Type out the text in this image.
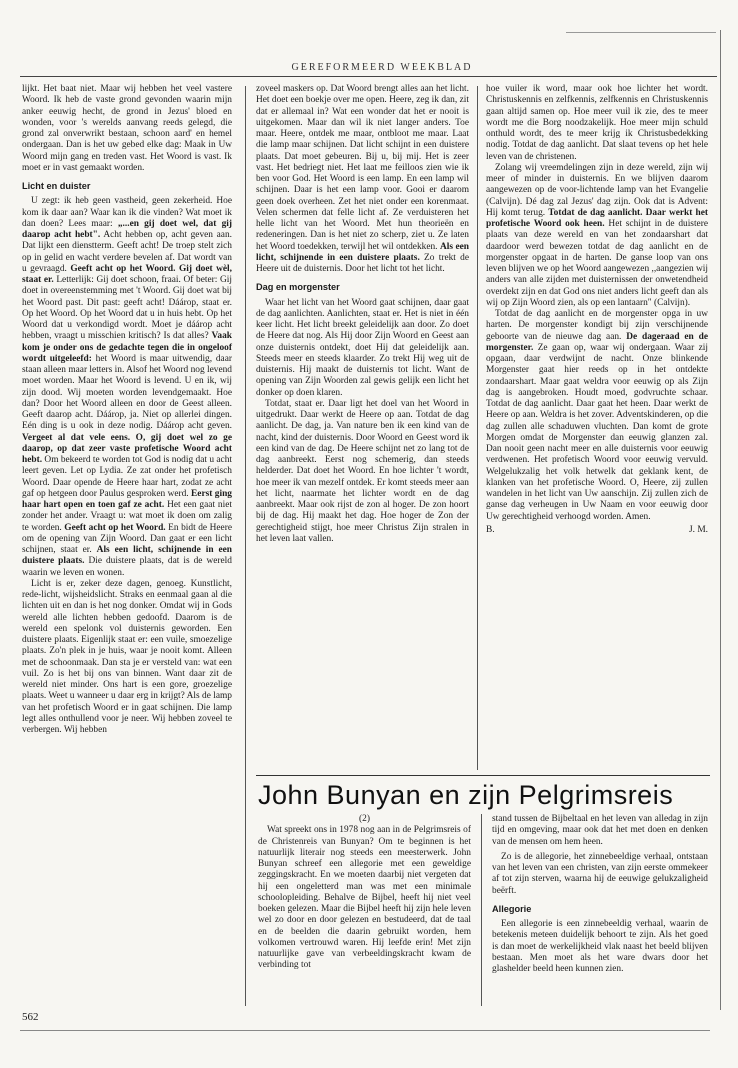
GEREFORMEERD WEEKBLAD

lijkt. Het baat niet. Maar wij hebben het veel vastere Woord. Ik heb de vaste grond gevonden waarin mijn anker eeuwig hecht, de grond in Jezus' bloed en wonden, voor 's werelds aanvang reeds gelegd, die grond zal onverwrikt bestaan, schoon aard' en hemel ondergaan. Dan is het uw gebed elke dag: Maak in Uw Woord mijn gang en treden vast. Het Woord is vast. Ik moet er in vast gemaakt worden.

Licht en duister

U zegt: ik heb geen vastheid, geen zekerheid. Hoe kom ik daar aan? Waar kan ik die vinden? Wat moet ik dan doen? Lees maar: „...en gij doet wel, dat gij daarop acht hebt". Acht hebben op, acht geven aan. Dat lijkt een dienstterm. Geeft acht! De troep stelt zich op in gelid en wacht verdere bevelen af. Dat wordt van u gevraagd. Geeft acht op het Woord. Gij doet wèl, staat er. Letterlijk: Gij doet schoon, fraai. Of beter: Gij doet in overeenstemming met 't Woord. Gij doet wat bij het Woord past. Dit past: geeft acht! Dáárop, staat er. Op het Woord. Op het Woord dat u in huis hebt. Op het Woord dat u verkondigd wordt. Moet je dáárop acht hebben, vraagt u misschien kritisch? Is dat alles? Vaak kom je onder ons de gedachte tegen die in ongeloof wordt uitgeleefd: het Woord is maar uitwendig, daar staan alleen maar letters in. Alsof het Woord nog levend moet worden. Maar het Woord is levend. U en ik, wij zijn dood. Wij moeten worden levendgemaakt. Hoe dan? Door het Woord alleen en door de Geest alleen. Geeft daarop acht. Dáárop, ja. Niet op allerlei dingen. Eén ding is u ook in deze nodig. Dáárop acht geven. Vergeet al dat vele eens. O, gij doet wel zo ge daarop, op dat zeer vaste profetische Woord acht hebt. Om bekeerd te worden tot God is nodig dat u acht leert geven. Let op Lydia. Ze zat onder het profetisch Woord. Daar opende de Heere haar hart, zodat ze acht gaf op hetgeen door Paulus gesproken werd. Eerst ging haar hart open en toen gaf ze acht. Het een gaat niet zonder het ander. Vraagt u: wat moet ik doen om zalig te worden. Geeft acht op het Woord. En bidt de Heere om de opening van Zijn Woord. Dan gaat er een licht schijnen, staat er. Als een licht, schijnende in een duistere plaats. Die duistere plaats, dat is de wereld waarin we leven en wonen.

Licht is er, zeker deze dagen, genoeg. Kunstlicht, rede-licht, wijsheidslicht. Straks en eenmaal gaan al die lichten uit en dan is het nog donker. Omdat wij in Gods wereld alle lichten hebben gedoofd. Daarom is de wereld een spelonk vol duisternis geworden. Een duistere plaats. Eigenlijk staat er: een vuile, smoezelige plaats. Zo'n plek in je huis, waar je nooit komt. Alleen met de schoonmaak. Dan sta je er versteld van: wat een vuil. Zo is het bij ons van binnen. Want daar zit de wereld niet minder. Ons hart is een gore, groezelige plaats. Weet u wanneer u daar erg in krijgt? Als de lamp van het profetisch Woord er in gaat schijnen. Die lamp legt alles onthullend voor je neer. Wij hebben zoveel te verbergen. Wij hebben

zoveel maskers op. Dat Woord brengt alles aan het licht. Het doet een boekje over me open. Heere, zeg ik dan, zit dat er allemaal in? Wat een wonder dat het er nooit is uitgekomen. Maar dan wil ik niet langer anders. Toe maar. Heere, ontdek me maar, ontbloot me maar. Laat die lamp maar schijnen. Dat licht schijnt in een duistere plaats. Dat moet gebeuren. Bij u, bij mij. Het is zeer vast. Het bedriegt niet. Het laat me feilloos zien wie ik ben voor God. Het Woord is een lamp. En een lamp wil schijnen. Daar is het een lamp voor. Gooi er daarom geen doek overheen. Zet het niet onder een korenmaat. Velen schermen dat felle licht af. Ze verduisteren het helle licht van het Woord. Met hun theorieën en redeneringen. Dan is het niet zo scherp, ziet u. Ze laten het Woord toedekken, terwijl het wil ontdekken. Als een licht, schijnende in een duistere plaats. Zo trekt de Heere uit de duisternis. Door het licht tot het licht.

Dag en morgenster

Waar het licht van het Woord gaat schijnen, daar gaat de dag aanlichten. Aanlichten, staat er. Het is niet in één keer licht. Het licht breekt geleidelijk aan door. Zo doet de Heere dat nog. Als Hij door Zijn Woord en Geest aan onze duisternis ontdekt, doet Hij dat geleidelijk aan. Steeds meer en steeds klaarder. Zo trekt Hij weg uit de duisternis. Hij maakt de duisternis tot licht. Want de opening van Zijn Woorden zal gewis gelijk een licht het donker op doen klaren.

Totdat, staat er. Daar ligt het doel van het Woord in uitgedrukt. Daar werkt de Heere op aan. Totdat de dag aanlicht. De dag, ja. Van nature ben ik een kind van de nacht, kind der duisternis. Door Woord en Geest word ik een kind van de dag. De Heere schijnt net zo lang tot de dag aanbreekt. Eerst nog schemerig, dan steeds helderder. Dat doet het Woord. En hoe lichter 't wordt, hoe meer ik van mezelf ontdek. Er komt steeds meer aan het licht, naarmate het lichter wordt en de dag aanbreekt. Maar ook rijst de zon al hoger. De zon hoort bij de dag. Hij maakt het dag. Hoe hoger de Zon der gerechtigheid stijgt, hoe meer Christus Zijn stralen in het leven laat vallen.

hoe vuiler ik word, maar ook hoe lichter het wordt. Christuskennis en zelfkennis, zelfkennis en Christuskennis gaan altijd samen op. Hoe meer vuil ik zie, des te meer wordt me die Borg noodzakelijk. Hoe meer mijn schuld onthuld wordt, des te meer krijg ik Christusbedekking nodig. Totdat de dag aanlicht. Dat slaat tevens op het hele leven van de christenen.

Zolang wij vreemdelingen zijn in deze wereld, zijn wij meer of minder in duisternis. En we blijven daarom aangewezen op de voor-lichtende lamp van het Evangelie (Calvijn). Dé dag zal Jezus' dag zijn. Ook dat is Advent: Hij komt terug. Totdat de dag aanlicht. Daar werkt het profetische Woord ook heen. Het schijnt in de duistere plaats van deze wereld en van het zondaarshart dat daardoor werd bewezen totdat de dag aanlicht en de morgenster opgaat in de harten. De ganse loop van ons leven blijven we op het Woord aangewezen ,,aangezien wij anders van alle zijden met duisternissen der onwetendheid overdekt zijn en dat God ons niet anders licht geeft dan als wij op Zijn Woord zien, als op een lantaarn" (Calvijn).

Totdat de dag aanlicht en de morgenster opga in uw harten. De morgenster kondigt bij zijn verschijnende geboorte van de nieuwe dag aan. De dageraad en de morgenster. Ze gaan op, waar wij ondergaan. Waar zij opgaan, daar verdwijnt de nacht. Onze blinkende Morgenster gaat hier reeds op in het ontdekte zondaarshart. Maar gaat weldra voor eeuwig op als Zijn dag is aangebroken. Houdt moed, godvruchte schaar. Totdat de dag aanlicht. Daar gaat het heen. Daar werkt de Heere op aan. Weldra is het zover. Adventskinderen, op die dag zullen alle schaduwen vluchten. Dan komt de grote Morgen omdat de Morgenster dan eeuwig glanzen zal. Dan nooit geen nacht meer en alle duisternis voor eeuwig verdwenen. Het profetisch Woord voor eeuwig vervuld. Welgelukzalig het volk hetwelk dat geklank kent, de klanken van het profetische Woord. O, Heere, zij zullen wandelen in het licht van Uw aanschijn. Zij zullen zich de ganse dag verheugen in Uw Naam en voor eeuwig door Uw gerechtigheid verhoogd worden. Amen.

B.	J. M.

John Bunyan en zijn Pelgrimsreis

(2)

Wat spreekt ons in 1978 nog aan in de Pelgrimsreis of de Christenreis van Bunyan? Om te beginnen is het natuurlijk literair nog steeds een meesterwerk. John Bunyan schreef een allegorie met een geweldige zeggingskracht. En we moeten daarbij niet vergeten dat hij een ongeletterd man was met een minimale schoolopleiding. Behalve de Bijbel, heeft hij niet veel boeken gelezen. Maar die Bijbel heeft hij zijn hele leven wel zo door en door gelezen en bestudeerd, dat de taal en de beelden die daarin gebruikt worden, hem volkomen vertrouwd waren. Hij leefde erin! Met zijn natuurlijke gave van verbeeldingskracht kwam de verbinding tot

stand tussen de Bijbeltaal en het leven van alledag in zijn tijd en omgeving, maar ook dat het met doen en denken van de mensen om hem heen.

Zo is de allegorie, het zinnebeeldige verhaal, ontstaan van het leven van een christen, van zijn eerste ommekeer af tot zijn sterven, waarna hij de eeuwige gelukzaligheid beërft.

Allegorie

Een allegorie is een zinnebeeldig verhaal, waarin de betekenis meteen duidelijk behoort te zijn. Als het goed is dan moet de werkelijkheid vlak naast het beeld blijven bestaan. Men moet als het ware dwars door het glashelder beeld heen kunnen zien.

562
